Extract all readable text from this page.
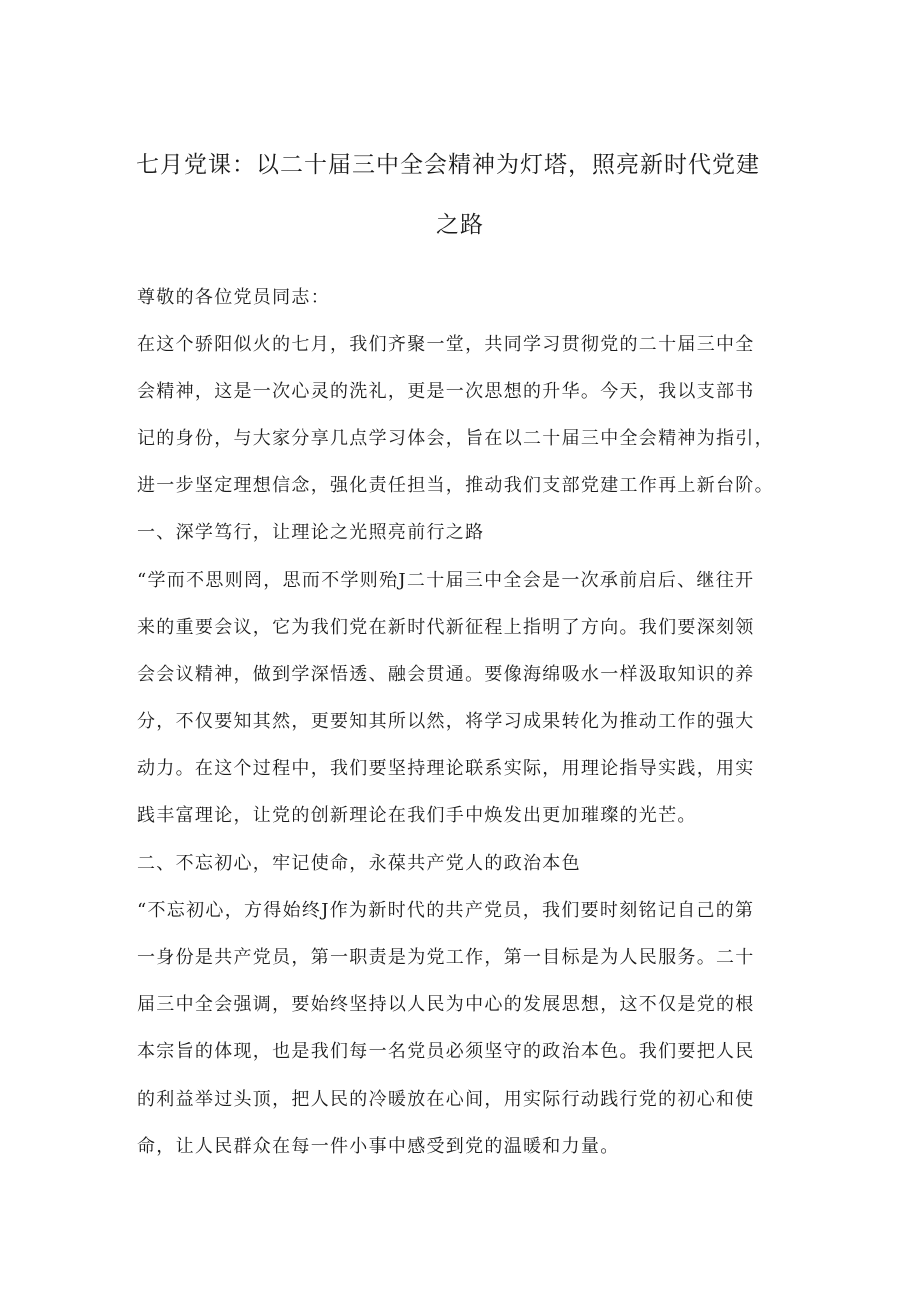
七月党课：以二十届三中全会精神为灯塔，照亮新时代党建
之路
尊敬的各位党员同志：
在这个骄阳似火的七月，我们齐聚一堂，共同学习贯彻党的二十届三中全
会精神，这是一次心灵的洗礼，更是一次思想的升华。今天，我以支部书
记的身份，与大家分享几点学习体会，旨在以二十届三中全会精神为指引，
进一步坚定理想信念，强化责任担当，推动我们支部党建工作再上新台阶。
一、深学笃行，让理论之光照亮前行之路
“学而不思则罔，思而不学则殆J二十届三中全会是一次承前启后、继往开
来的重要会议，它为我们党在新时代新征程上指明了方向。我们要深刻领
会会议精神，做到学深悟透、融会贯通。要像海绵吸水一样汲取知识的养
分，不仅要知其然，更要知其所以然，将学习成果转化为推动工作的强大
动力。在这个过程中，我们要坚持理论联系实际，用理论指导实践，用实
践丰富理论，让党的创新理论在我们手中焕发出更加璀璨的光芒。
二、不忘初心，牢记使命，永葆共产党人的政治本色
“不忘初心，方得始终J作为新时代的共产党员，我们要时刻铭记自己的第
一身份是共产党员，第一职责是为党工作，第一目标是为人民服务。二十
届三中全会强调，要始终坚持以人民为中心的发展思想，这不仅是党的根
本宗旨的体现，也是我们每一名党员必须坚守的政治本色。我们要把人民
的利益举过头顶，把人民的冷暖放在心间，用实际行动践行党的初心和使
命，让人民群众在每一件小事中感受到党的温暖和力量。
